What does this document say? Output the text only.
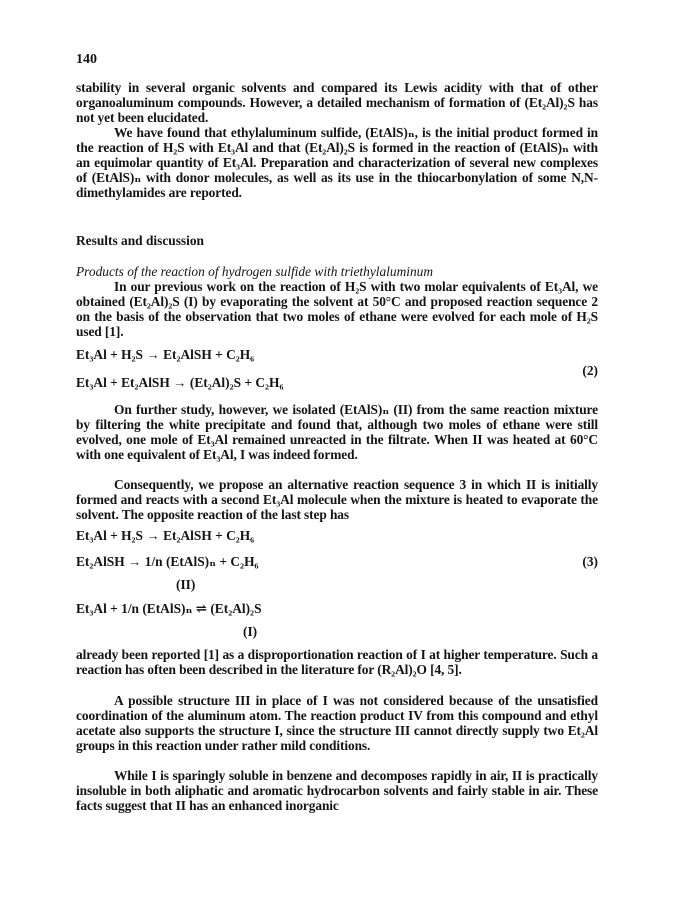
140

stability in several organic solvents and compared its Lewis acidity with that of other organoaluminum compounds. However, a detailed mechanism of formation of (Et₂Al)₂S has not yet been elucidated.

We have found that ethylaluminum sulfide, (EtAlS)ₙ, is the initial product formed in the reaction of H₂S with Et₃Al and that (Et₂Al)₂S is formed in the reaction of (EtAlS)ₙ with an equimolar quantity of Et₃Al. Preparation and characterization of several new complexes of (EtAlS)ₙ with donor molecules, as well as its use in the thiocarbonylation of some N,N-dimethylamides are reported.

Results and discussion
Products of the reaction of hydrogen sulfide with triethylaluminum
In our previous work on the reaction of H₂S with two molar equivalents of Et₃Al, we obtained (Et₂Al)₂S (I) by evaporating the solvent at 50°C and proposed reaction sequence 2 on the basis of the observation that two moles of ethane were evolved for each mole of H₂S used [1].
Et₃Al + H₂S → Et₂AlSH + C₂H₆
(2)
Et₃Al + Et₂AlSH → (Et₂Al)₂S + C₂H₆
On further study, however, we isolated (EtAlS)ₙ (II) from the same reaction mixture by filtering the white precipitate and found that, although two moles of ethane were still evolved, one mole of Et₃Al remained unreacted in the filtrate. When II was heated at 60°C with one equivalent of Et₃Al, I was indeed formed.
Consequently, we propose an alternative reaction sequence 3 in which II is initially formed and reacts with a second Et₃Al molecule when the mixture is heated to evaporate the solvent. The opposite reaction of the last step has
Et₃Al + H₂S → Et₂AlSH + C₂H₆
Et₂AlSH → 1/n (EtAlS)ₙ + C₂H₆	(3)
(II)
Et₃Al + 1/n (EtAlS)ₙ ⇌ (Et₂Al)₂S
(I)
already been reported [1] as a disproportionation reaction of I at higher temperature. Such a reaction has often been described in the literature for (R₂Al)₂O [4, 5].
A possible structure III in place of I was not considered because of the unsatisfied coordination of the aluminum atom. The reaction product IV from this compound and ethyl acetate also supports the structure I, since the structure III cannot directly supply two Et₂Al groups in this reaction under rather mild conditions.
While I is sparingly soluble in benzene and decomposes rapidly in air, II is practically insoluble in both aliphatic and aromatic hydrocarbon solvents and fairly stable in air. These facts suggest that II has an enhanced inorganic
